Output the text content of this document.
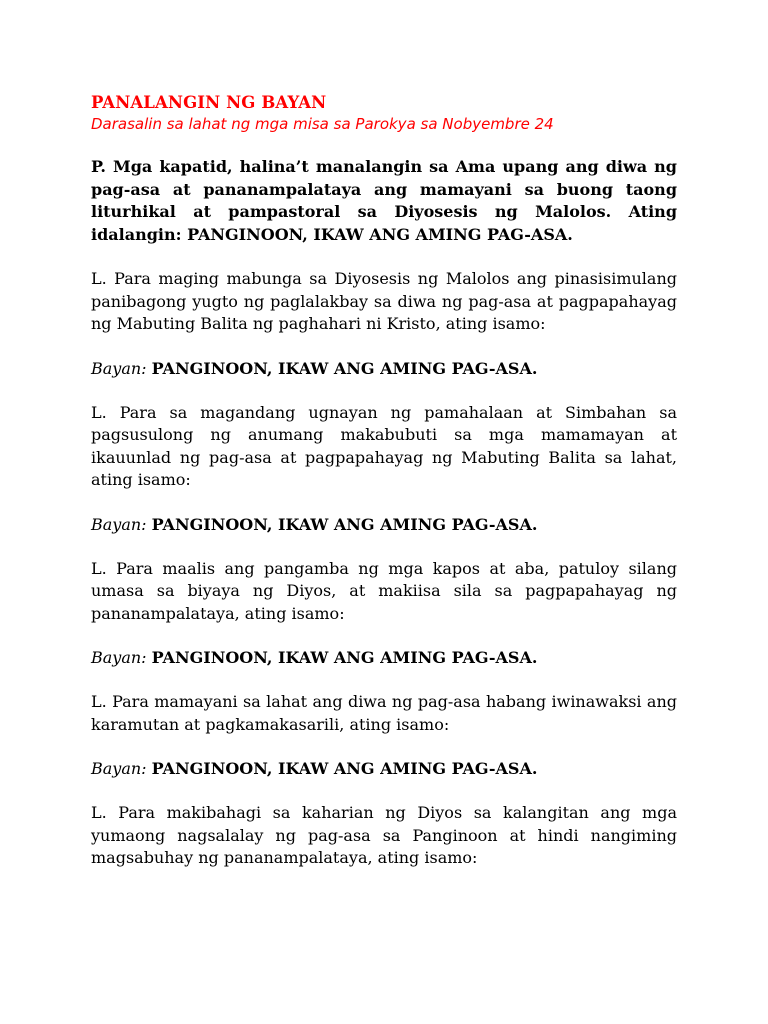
PANALANGIN NG BAYAN

Darasalin sa lahat ng mga misa sa Parokya sa Nobyembre 24

P. Mga kapatid, halina’t manalangin sa Ama upang ang diwa ng pag-asa at pananampalataya ang mamayani sa buong taong liturhikal at pampastoral sa Diyosesis ng Malolos. Ating idalangin: PANGINOON, IKAW ANG AMING PAG-ASA.

L. Para maging mabunga sa Diyosesis ng Malolos ang pinasisimulang panibagong yugto ng paglalakbay sa diwa ng pag-asa at pagpapahayag ng Mabuting Balita ng paghahari ni Kristo, ating isamo:

Bayan: PANGINOON, IKAW ANG AMING PAG-ASA.

L. Para sa magandang ugnayan ng pamahalaan at Simbahan sa pagsusulong ng anumang makabubuti sa mga mamamayan at ikauunlad ng pag-asa at pagpapahayag ng Mabuting Balita sa lahat, ating isamo:

Bayan: PANGINOON, IKAW ANG AMING PAG-ASA.

L. Para maalis ang pangamba ng mga kapos at aba, patuloy silang umasa sa biyaya ng Diyos, at makiisa sila sa pagpapahayag ng pananampalataya, ating isamo:

Bayan: PANGINOON, IKAW ANG AMING PAG-ASA.

L. Para mamayani sa lahat ang diwa ng pag-asa habang iwinawaksi ang karamutan at pagkamakasarili, ating isamo:

Bayan: PANGINOON, IKAW ANG AMING PAG-ASA.

L. Para makibahagi sa kaharian ng Diyos sa kalangitan ang mga yumaong nagsalalay ng pag-asa sa Panginoon at hindi nangiming magsabuhay ng pananampalataya, ating isamo:
